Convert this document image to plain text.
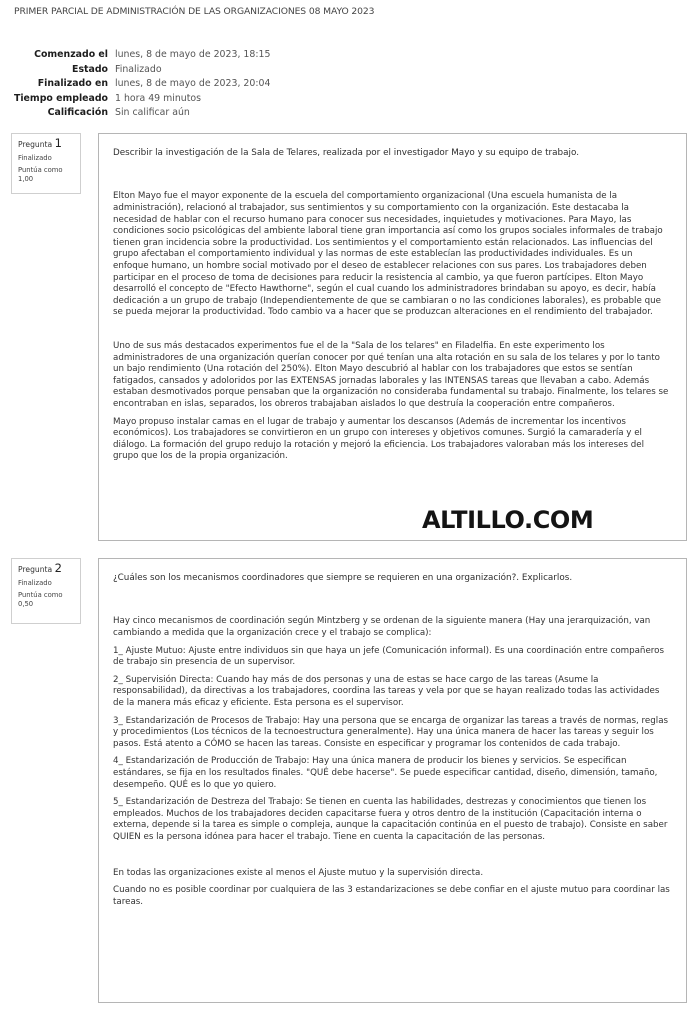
PRIMER PARCIAL DE ADMINISTRACIÓN DE LAS ORGANIZACIONES 08 MAYO 2023
Comenzado el	lunes, 8 de mayo de 2023, 18:15
Estado	Finalizado
Finalizado en	lunes, 8 de mayo de 2023, 20:04
Tiempo empleado	1 hora 49 minutos
Calificación	Sin calificar aún
Pregunta 1
Finalizado
Puntúa como
1,00
Describir la investigación de la Sala de Telares, realizada por el investigador Mayo y su equipo de trabajo.

Elton Mayo fue el mayor exponente de la escuela del comportamiento organizacional (Una escuela humanista de la administración), relacionó al trabajador, sus sentimientos y su comportamiento con la organización. Este destacaba la necesidad de hablar con el recurso humano para conocer sus necesidades, inquietudes y motivaciones. Para Mayo, las condiciones socio psicológicas del ambiente laboral tiene gran importancia así como los grupos sociales informales de trabajo tienen gran incidencia sobre la productividad. Los sentimientos y el comportamiento están relacionados. Las influencias del grupo afectaban el comportamiento individual y las normas de este establecían las productividades individuales. Es un enfoque humano, un hombre social motivado por el deseo de establecer relaciones con sus pares. Los trabajadores deben participar en el proceso de toma de decisiones para reducir la resistencia al cambio, ya que fueron partícipes. Elton Mayo desarrolló el concepto de "Efecto Hawthorne", según el cual cuando los administradores brindaban su apoyo, es decir, había dedicación a un grupo de trabajo (Independientemente de que se cambiaran o no las condiciones laborales), es probable que se pueda mejorar la productividad. Todo cambio va a hacer que se produzcan alteraciones en el rendimiento del trabajador.

Uno de sus más destacados experimentos fue el de la "Sala de los telares" en Filadelfia. En este experimento los administradores de una organización querían conocer por qué tenían una alta rotación en su sala de los telares y por lo tanto un bajo rendimiento (Una rotación del 250%). Elton Mayo descubrió al hablar con los trabajadores que estos se sentían fatigados, cansados y adoloridos por las EXTENSAS jornadas laborales y las INTENSAS tareas que llevaban a cabo. Además estaban desmotivados porque pensaban que la organización no consideraba fundamental su trabajo. Finalmente, los telares se encontraban en islas, separados, los obreros trabajaban aislados lo que destruía la cooperación entre compañeros.

Mayo propuso instalar camas en el lugar de trabajo y aumentar los descansos (Además de incrementar los incentivos económicos). Los trabajadores se convirtieron en un grupo con intereses y objetivos comunes. Surgió la camaradería y el diálogo. La formación del grupo redujo la rotación y mejoró la eficiencia. Los trabajadores valoraban más los intereses del grupo que los de la propia organización.

ALTILLO.COM
Pregunta 2
Finalizado
Puntúa como
0,50
¿Cuáles son los mecanismos coordinadores que siempre se requieren en una organización?. Explicarlos.

Hay cinco mecanismos de coordinación según Mintzberg y se ordenan de la siguiente manera (Hay una jerarquización, van cambiando a medida que la organización crece y el trabajo se complica):

1_ Ajuste Mutuo: Ajuste entre individuos sin que haya un jefe (Comunicación informal). Es una coordinación entre compañeros de trabajo sin presencia de un supervisor.

2_ Supervisión Directa: Cuando hay más de dos personas y una de estas se hace cargo de las tareas (Asume la responsabilidad), da directivas a los trabajadores, coordina las tareas y vela por que se hayan realizado todas las actividades de la manera más eficaz y eficiente. Esta persona es el supervisor.

3_ Estandarización de Procesos de Trabajo: Hay una persona que se encarga de organizar las tareas a través de normas, reglas y procedimientos (Los técnicos de la tecnoestructura generalmente). Hay una única manera de hacer las tareas y seguir los pasos. Está atento a CÓMO se hacen las tareas. Consiste en especificar y programar los contenidos de cada trabajo.

4_ Estandarización de Producción de Trabajo: Hay una única manera de producir los bienes y servicios. Se especifican estándares, se fija en los resultados finales. "QUÉ debe hacerse". Se puede especificar cantidad, diseño, dimensión, tamaño, desempeño. QUÉ es lo que yo quiero.

5_ Estandarización de Destreza del Trabajo: Se tienen en cuenta las habilidades, destrezas y conocimientos que tienen los empleados. Muchos de los trabajadores deciden capacitarse fuera y otros dentro de la institución (Capacitación interna o externa, depende si la tarea es simple o compleja, aunque la capacitación continúa en el puesto de trabajo). Consiste en saber QUIEN es la persona idónea para hacer el trabajo. Tiene en cuenta la capacitación de las personas.

En todas las organizaciones existe al menos el Ajuste mutuo y la supervisión directa.

Cuando no es posible coordinar por cualquiera de las 3 estandarizaciones se debe confiar en el ajuste mutuo para coordinar las tareas.
